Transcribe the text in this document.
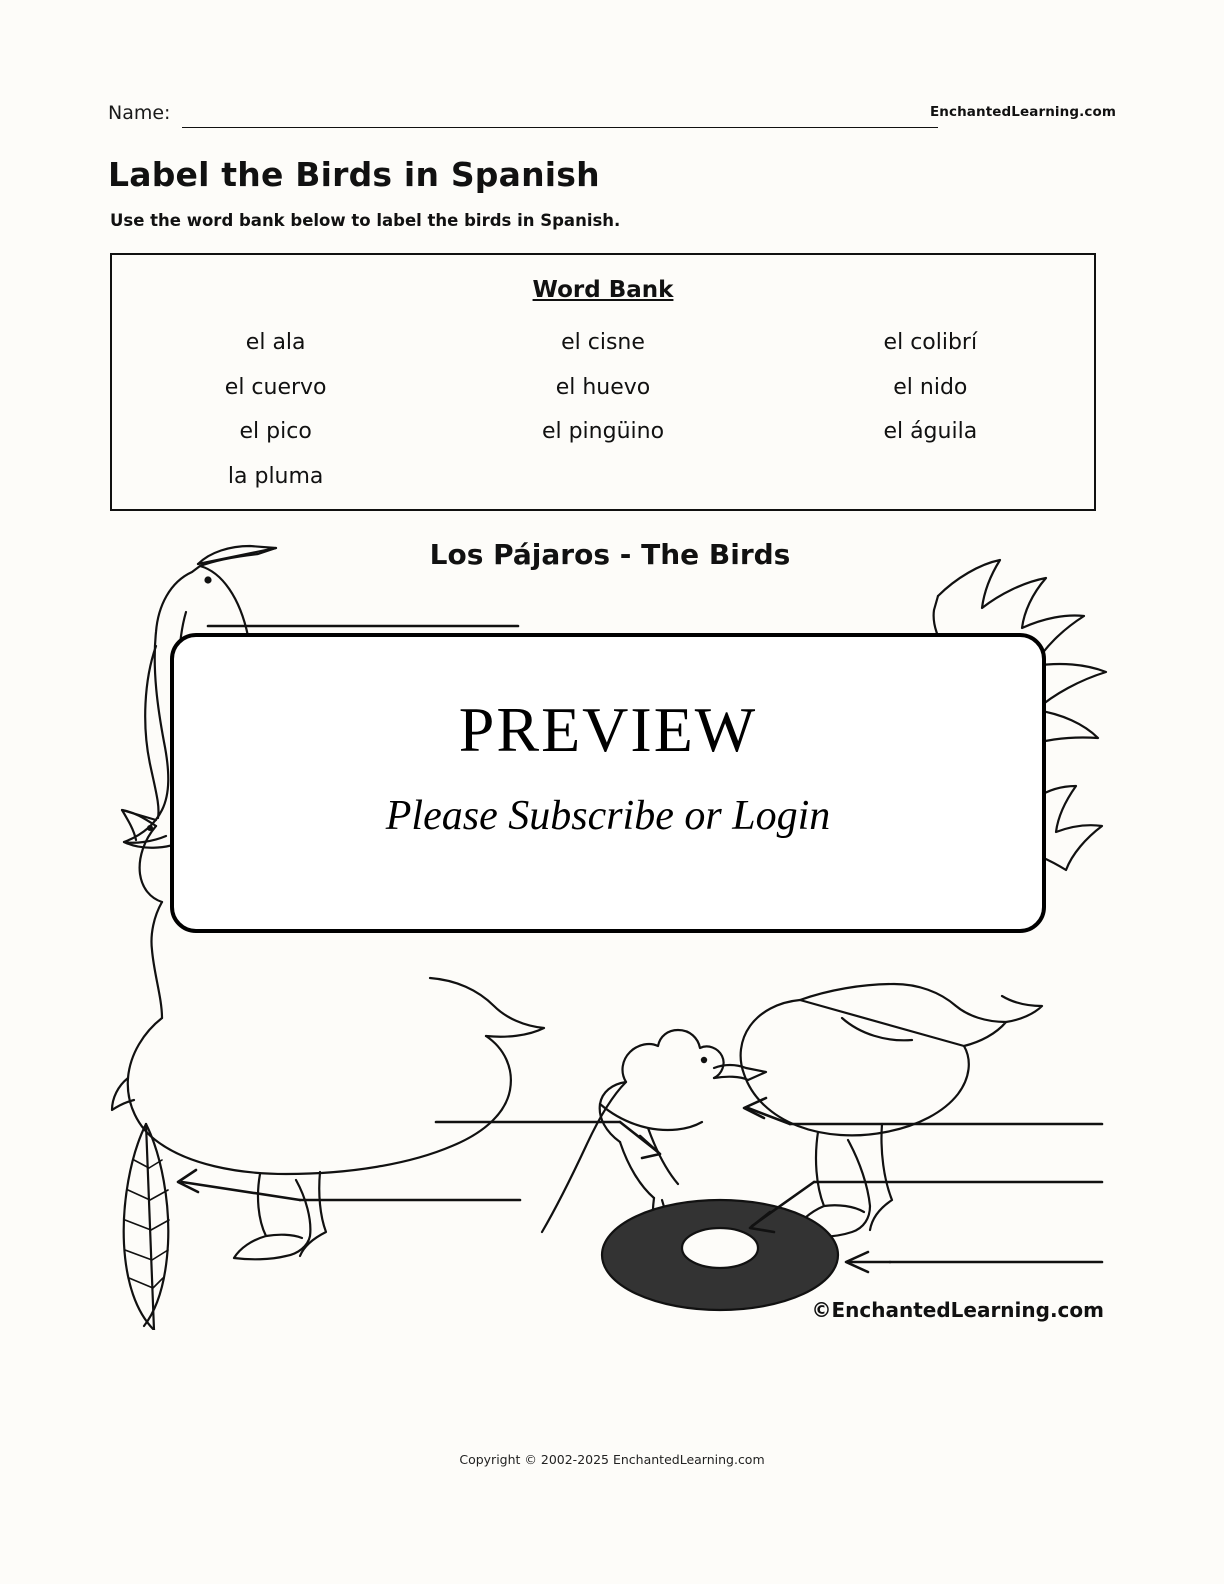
Name:	EnchantedLearning.com
Label the Birds in Spanish
Use the word bank below to label the birds in Spanish.
Word Bank
el ala
el cuervo
el pico
la pluma
el cisne
el huevo
el pingüino
el colibrí
el nido
el águila
Los Pájaros - The Birds
©EnchantedLearning.com
PREVIEW
Please Subscribe or Login
Copyright © 2002-2025 EnchantedLearning.com
